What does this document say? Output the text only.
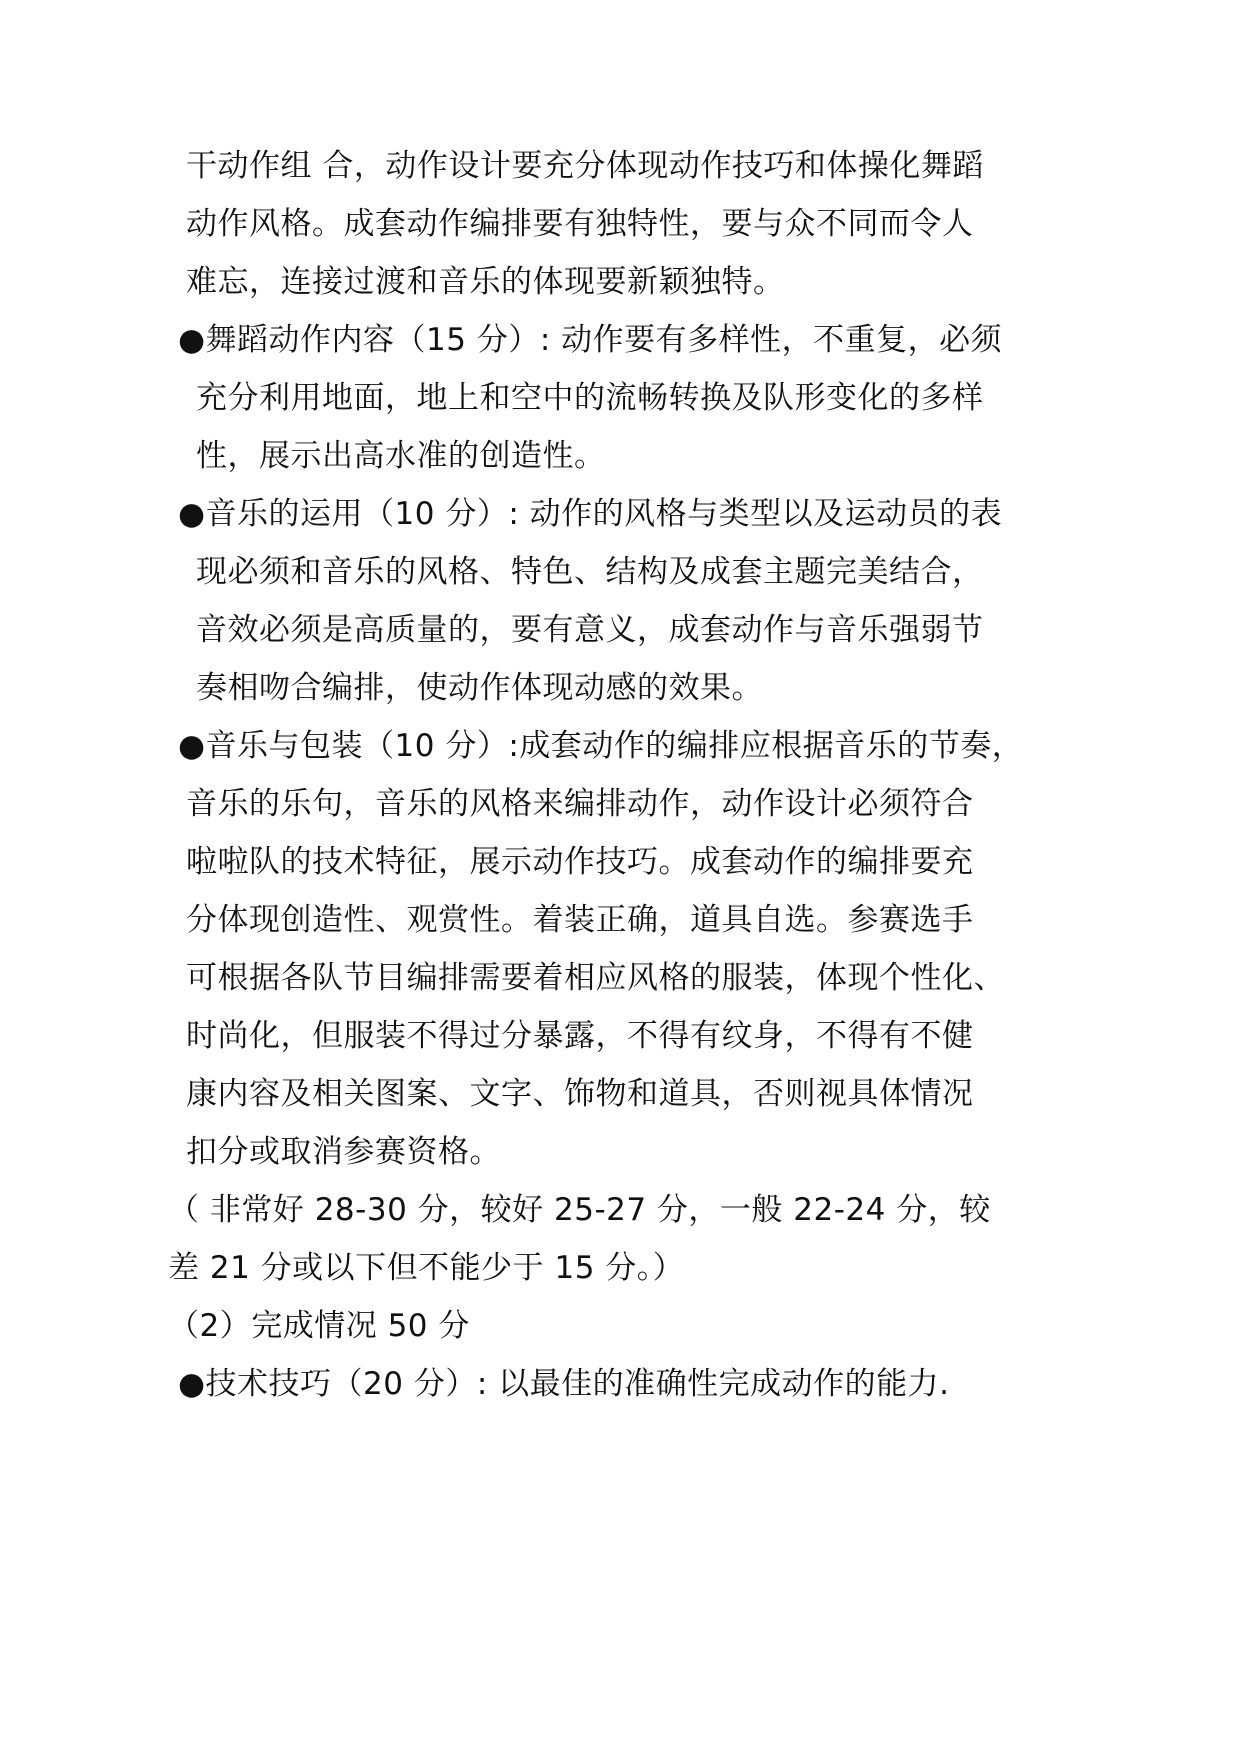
干动作组 合，动作设计要充分体现动作技巧和体操化舞蹈
动作风格。成套动作编排要有独特性，要与众不同而令人
难忘，连接过渡和音乐的体现要新颖独特。
●舞蹈动作内容（15 分）: 动作要有多样性，不重复，必须
充分利用地面，地上和空中的流畅转换及队形变化的多样
性，展示出高水准的创造性。
●音乐的运用（10 分）: 动作的风格与类型以及运动员的表
现必须和音乐的风格、特色、结构及成套主题完美结合，
音效必须是高质量的，要有意义，成套动作与音乐强弱节
奏相吻合编排，使动作体现动感的效果。
●音乐与包装（10 分）:成套动作的编排应根据音乐的节奏，
音乐的乐句，音乐的风格来编排动作，动作设计必须符合
啦啦队的技术特征，展示动作技巧。成套动作的编排要充
分体现创造性、观赏性。着装正确，道具自选。参赛选手
可根据各队节目编排需要着相应风格的服装，体现个性化、
时尚化，但服装不得过分暴露，不得有纹身，不得有不健
康内容及相关图案、文字、饰物和道具，否则视具体情况
扣分或取消参赛资格。
（ 非常好 28-30 分，较好 25-27 分，一般 22-24 分，较
差 21 分或以下但不能少于 15 分。）
（2）完成情况 50 分
●技术技巧（20 分）: 以最佳的准确性完成动作的能力.
